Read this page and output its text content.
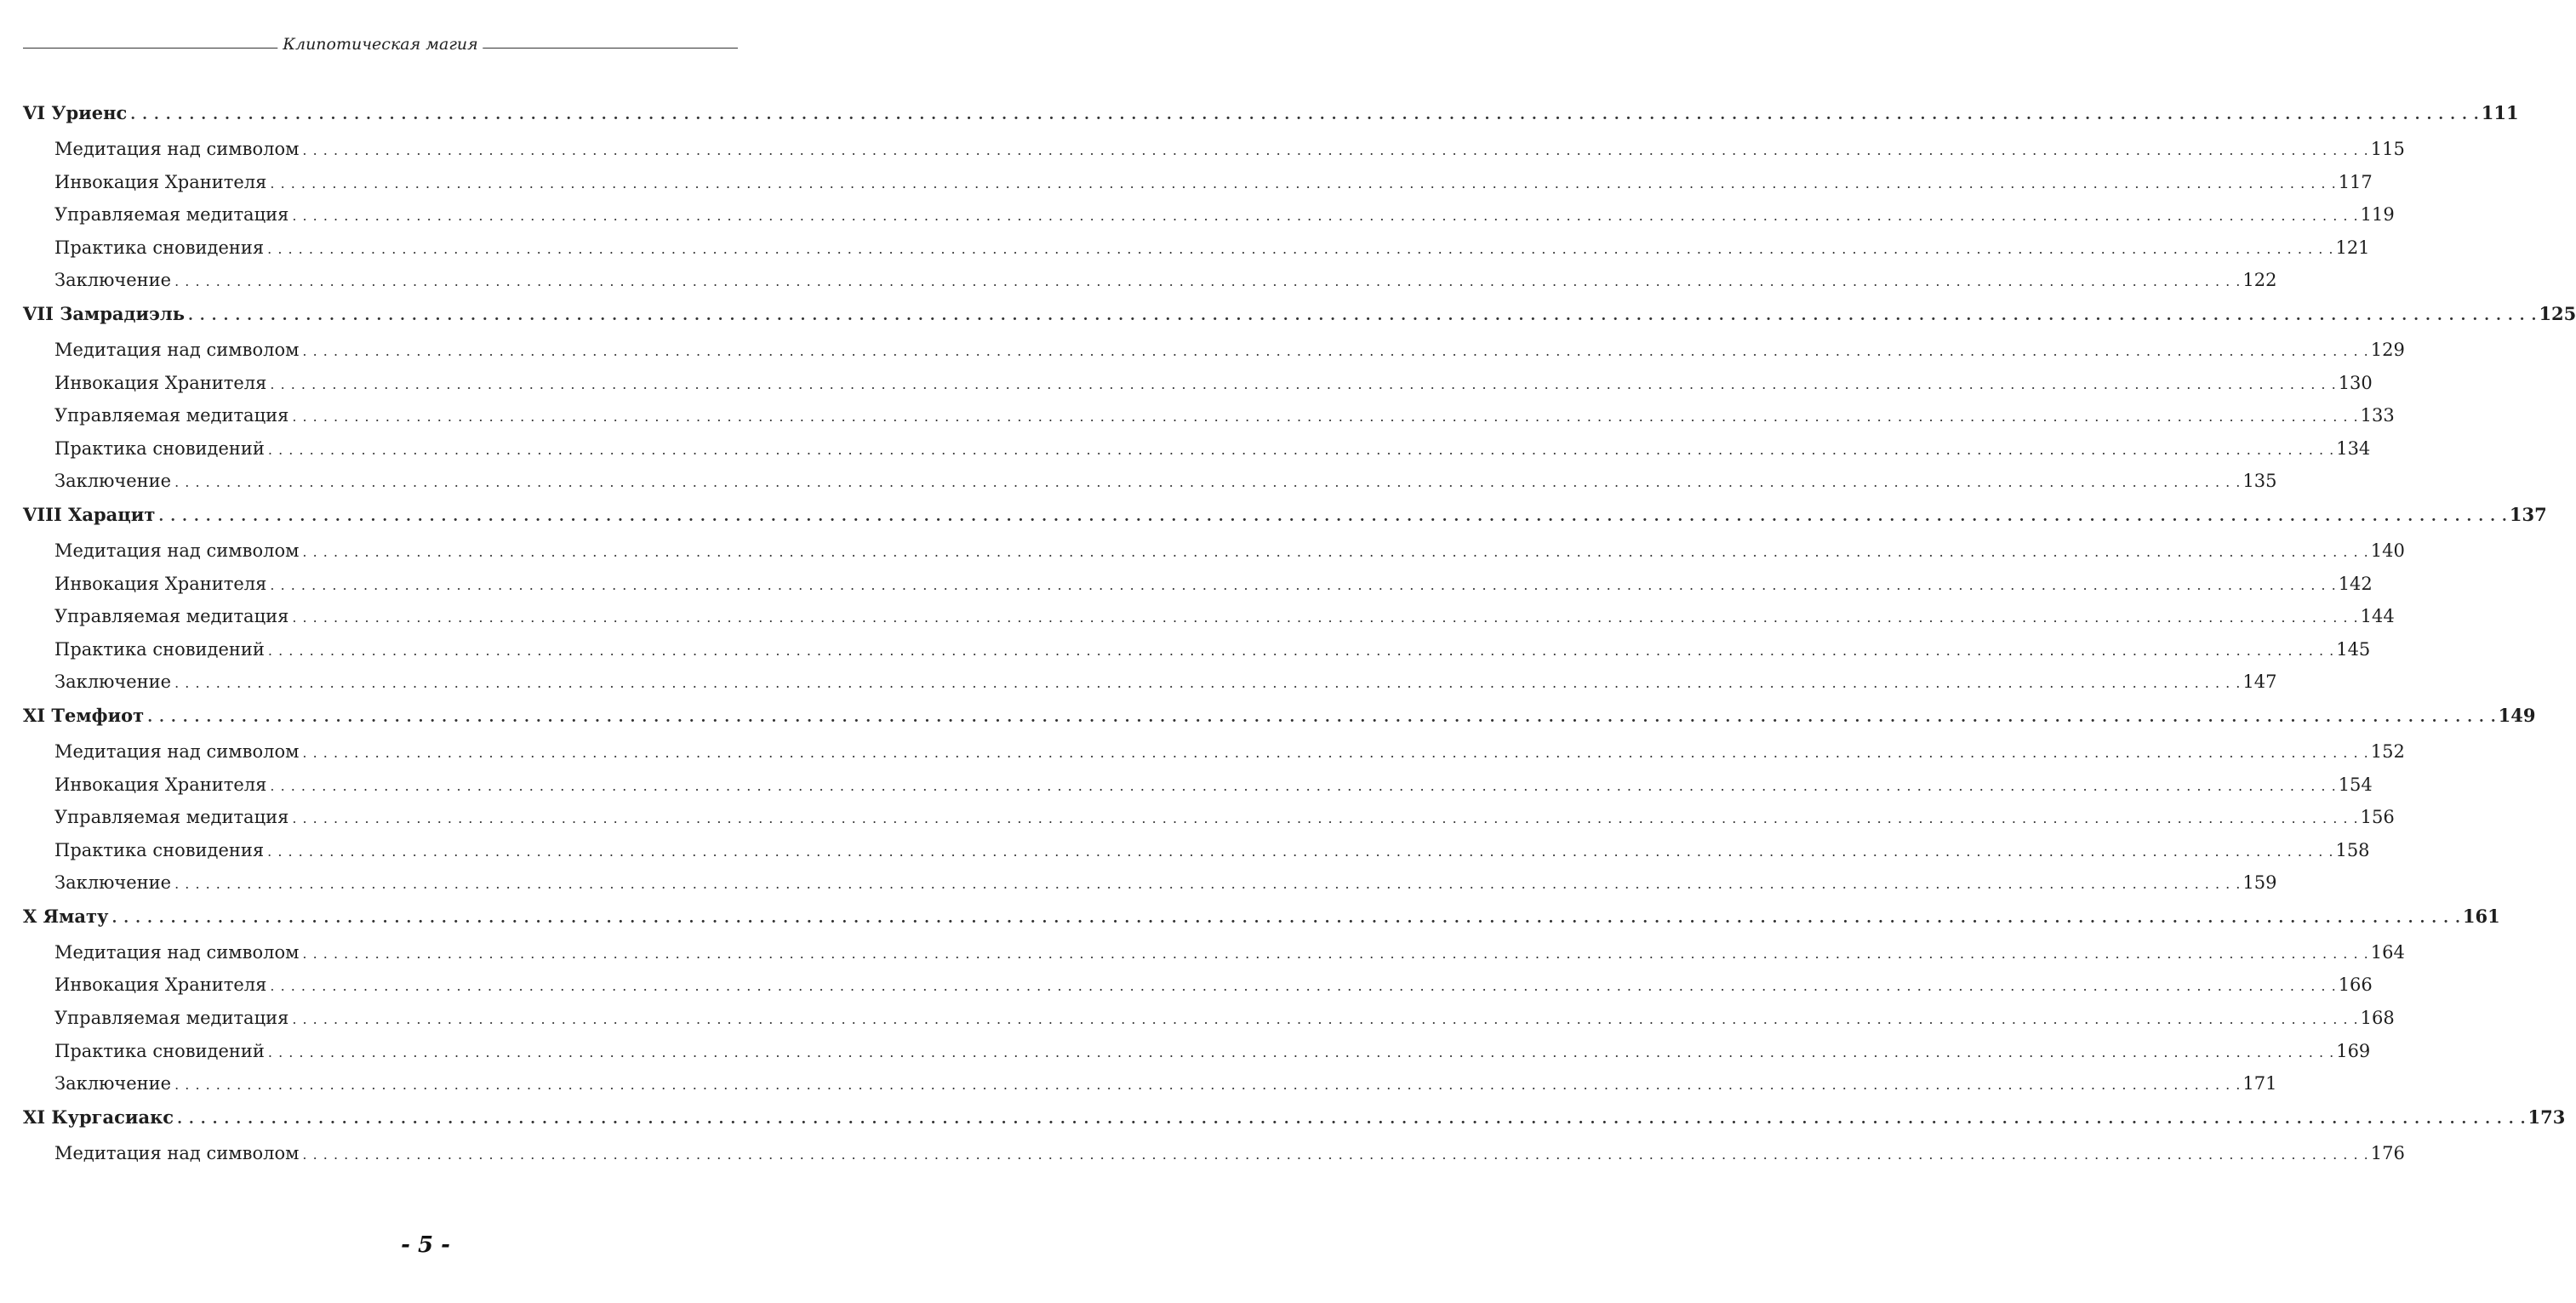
Клипотическая магия
VI Уриенс . . . . . . . . . . . . . . . . . . . . . . . . . . . . . . . . . . . . . . . . . . . . . . . . . . . . . . . . . . . . . . . . . . . . . . . . . . . . . . . . . . . . . . . . . . . . . . . . . . . . . . . . . . . . . . . . . . . . . . . . . . . . . . . . . . . . . . . . . . . . . . . . . . . . . . . . . . . . . . . . . . . . . . . . . . . . . . . . . . . . . . . . . . . . . . . . . . . . . . . . 111
Медитация над символом . . . . . . . . . . . . . . . . . . . . . . . . . . . . . . . . . . . . . . . . . . . . . . . . . . . . . . . . . . . . . . . . . . . . . . . . . . . . . . . . . . . . . . . . . . . . . . . . . . . . . . . . . . . . . . . . . . . . . . . . . . . . . . . . . . . . . . . . . . . . . . . . . . . . . . . . . . . . . . . . . . . . . . . . . . . . . . . . . . . . . . . . . . . . . . . . . . . . . . . . 115
Инвокация Хранителя . . . . . . . . . . . . . . . . . . . . . . . . . . . . . . . . . . . . . . . . . . . . . . . . . . . . . . . . . . . . . . . . . . . . . . . . . . . . . . . . . . . . . . . . . . . . . . . . . . . . . . . . . . . . . . . . . . . . . . . . . . . . . . . . . . . . . . . . . . . . . . . . . . . . . . . . . . . . . . . . . . . . . . . . . . . . . . . . . . . . . . . . . . . . . . . . . . . . . . . . 117
Управляемая медитация . . . . . . . . . . . . . . . . . . . . . . . . . . . . . . . . . . . . . . . . . . . . . . . . . . . . . . . . . . . . . . . . . . . . . . . . . . . . . . . . . . . . . . . . . . . . . . . . . . . . . . . . . . . . . . . . . . . . . . . . . . . . . . . . . . . . . . . . . . . . . . . . . . . . . . . . . . . . . . . . . . . . . . . . . . . . . . . . . . . . . . . . . . . . . . . . . . . . . . . . 119
Практика сновидения . . . . . . . . . . . . . . . . . . . . . . . . . . . . . . . . . . . . . . . . . . . . . . . . . . . . . . . . . . . . . . . . . . . . . . . . . . . . . . . . . . . . . . . . . . . . . . . . . . . . . . . . . . . . . . . . . . . . . . . . . . . . . . . . . . . . . . . . . . . . . . . . . . . . . . . . . . . . . . . . . . . . . . . . . . . . . . . . . . . . . . . . . . . . . . . . . . . . . . . . 121
Заключение . . . . . . . . . . . . . . . . . . . . . . . . . . . . . . . . . . . . . . . . . . . . . . . . . . . . . . . . . . . . . . . . . . . . . . . . . . . . . . . . . . . . . . . . . . . . . . . . . . . . . . . . . . . . . . . . . . . . . . . . . . . . . . . . . . . . . . . . . . . . . . . . . . . . . . . . . . . . . . . . . . . . . . . . . . . . . . . . . . . . . . . . . . . . . . . . . . . . . . . . 122
VII Замрадиэль . . . . . . . . . . . . . . . . . . . . . . . . . . . . . . . . . . . . . . . . . . . . . . . . . . . . . . . . . . . . . . . . . . . . . . . . . . . . . . . . . . . . . . . . . . . . . . . . . . . . . . . . . . . . . . . . . . . . . . . . . . . . . . . . . . . . . . . . . . . . . . . . . . . . . . . . . . . . . . . . . . . . . . . . . . . . . . . . . . . . . . . . . . . . . . . . . . . . . . . . 125
Медитация над символом . . . . . . . . . . . . . . . . . . . . . . . . . . . . . . . . . . . . . . . . . . . . . . . . . . . . . . . . . . . . . . . . . . . . . . . . . . . . . . . . . . . . . . . . . . . . . . . . . . . . . . . . . . . . . . . . . . . . . . . . . . . . . . . . . . . . . . . . . . . . . . . . . . . . . . . . . . . . . . . . . . . . . . . . . . . . . . . . . . . . . . . . . . . . . . . . . . . . . . . . 129
Инвокация Хранителя . . . . . . . . . . . . . . . . . . . . . . . . . . . . . . . . . . . . . . . . . . . . . . . . . . . . . . . . . . . . . . . . . . . . . . . . . . . . . . . . . . . . . . . . . . . . . . . . . . . . . . . . . . . . . . . . . . . . . . . . . . . . . . . . . . . . . . . . . . . . . . . . . . . . . . . . . . . . . . . . . . . . . . . . . . . . . . . . . . . . . . . . . . . . . . . . . . . . . . . . 130
Управляемая медитация . . . . . . . . . . . . . . . . . . . . . . . . . . . . . . . . . . . . . . . . . . . . . . . . . . . . . . . . . . . . . . . . . . . . . . . . . . . . . . . . . . . . . . . . . . . . . . . . . . . . . . . . . . . . . . . . . . . . . . . . . . . . . . . . . . . . . . . . . . . . . . . . . . . . . . . . . . . . . . . . . . . . . . . . . . . . . . . . . . . . . . . . . . . . . . . . . . . . . . . . 133
Практика сновидений . . . . . . . . . . . . . . . . . . . . . . . . . . . . . . . . . . . . . . . . . . . . . . . . . . . . . . . . . . . . . . . . . . . . . . . . . . . . . . . . . . . . . . . . . . . . . . . . . . . . . . . . . . . . . . . . . . . . . . . . . . . . . . . . . . . . . . . . . . . . . . . . . . . . . . . . . . . . . . . . . . . . . . . . . . . . . . . . . . . . . . . . . . . . . . . . . . . . . . . . 134
Заключение . . . . . . . . . . . . . . . . . . . . . . . . . . . . . . . . . . . . . . . . . . . . . . . . . . . . . . . . . . . . . . . . . . . . . . . . . . . . . . . . . . . . . . . . . . . . . . . . . . . . . . . . . . . . . . . . . . . . . . . . . . . . . . . . . . . . . . . . . . . . . . . . . . . . . . . . . . . . . . . . . . . . . . . . . . . . . . . . . . . . . . . . . . . . . . . . . . . . . . . . 135
VIII Харацит . . . . . . . . . . . . . . . . . . . . . . . . . . . . . . . . . . . . . . . . . . . . . . . . . . . . . . . . . . . . . . . . . . . . . . . . . . . . . . . . . . . . . . . . . . . . . . . . . . . . . . . . . . . . . . . . . . . . . . . . . . . . . . . . . . . . . . . . . . . . . . . . . . . . . . . . . . . . . . . . . . . . . . . . . . . . . . . . . . . . . . . . . . . . . . . . . . . . . . . . 137
Медитация над символом . . . . . . . . . . . . . . . . . . . . . . . . . . . . . . . . . . . . . . . . . . . . . . . . . . . . . . . . . . . . . . . . . . . . . . . . . . . . . . . . . . . . . . . . . . . . . . . . . . . . . . . . . . . . . . . . . . . . . . . . . . . . . . . . . . . . . . . . . . . . . . . . . . . . . . . . . . . . . . . . . . . . . . . . . . . . . . . . . . . . . . . . . . . . . . . . . . . . . . . . 140
Инвокация Хранителя . . . . . . . . . . . . . . . . . . . . . . . . . . . . . . . . . . . . . . . . . . . . . . . . . . . . . . . . . . . . . . . . . . . . . . . . . . . . . . . . . . . . . . . . . . . . . . . . . . . . . . . . . . . . . . . . . . . . . . . . . . . . . . . . . . . . . . . . . . . . . . . . . . . . . . . . . . . . . . . . . . . . . . . . . . . . . . . . . . . . . . . . . . . . . . . . . . . . . . . . 142
Управляемая медитация . . . . . . . . . . . . . . . . . . . . . . . . . . . . . . . . . . . . . . . . . . . . . . . . . . . . . . . . . . . . . . . . . . . . . . . . . . . . . . . . . . . . . . . . . . . . . . . . . . . . . . . . . . . . . . . . . . . . . . . . . . . . . . . . . . . . . . . . . . . . . . . . . . . . . . . . . . . . . . . . . . . . . . . . . . . . . . . . . . . . . . . . . . . . . . . . . . . . . . . . 144
Практика сновидений . . . . . . . . . . . . . . . . . . . . . . . . . . . . . . . . . . . . . . . . . . . . . . . . . . . . . . . . . . . . . . . . . . . . . . . . . . . . . . . . . . . . . . . . . . . . . . . . . . . . . . . . . . . . . . . . . . . . . . . . . . . . . . . . . . . . . . . . . . . . . . . . . . . . . . . . . . . . . . . . . . . . . . . . . . . . . . . . . . . . . . . . . . . . . . . . . . . . . . . . 145
Заключение . . . . . . . . . . . . . . . . . . . . . . . . . . . . . . . . . . . . . . . . . . . . . . . . . . . . . . . . . . . . . . . . . . . . . . . . . . . . . . . . . . . . . . . . . . . . . . . . . . . . . . . . . . . . . . . . . . . . . . . . . . . . . . . . . . . . . . . . . . . . . . . . . . . . . . . . . . . . . . . . . . . . . . . . . . . . . . . . . . . . . . . . . . . . . . . . . . . . . . . . 147
XI Темфиот . . . . . . . . . . . . . . . . . . . . . . . . . . . . . . . . . . . . . . . . . . . . . . . . . . . . . . . . . . . . . . . . . . . . . . . . . . . . . . . . . . . . . . . . . . . . . . . . . . . . . . . . . . . . . . . . . . . . . . . . . . . . . . . . . . . . . . . . . . . . . . . . . . . . . . . . . . . . . . . . . . . . . . . . . . . . . . . . . . . . . . . . . . . . . . . . . . . . . . . . 149
Медитация над символом . . . . . . . . . . . . . . . . . . . . . . . . . . . . . . . . . . . . . . . . . . . . . . . . . . . . . . . . . . . . . . . . . . . . . . . . . . . . . . . . . . . . . . . . . . . . . . . . . . . . . . . . . . . . . . . . . . . . . . . . . . . . . . . . . . . . . . . . . . . . . . . . . . . . . . . . . . . . . . . . . . . . . . . . . . . . . . . . . . . . . . . . . . . . . . . . . . . . . . . . 152
Инвокация Хранителя . . . . . . . . . . . . . . . . . . . . . . . . . . . . . . . . . . . . . . . . . . . . . . . . . . . . . . . . . . . . . . . . . . . . . . . . . . . . . . . . . . . . . . . . . . . . . . . . . . . . . . . . . . . . . . . . . . . . . . . . . . . . . . . . . . . . . . . . . . . . . . . . . . . . . . . . . . . . . . . . . . . . . . . . . . . . . . . . . . . . . . . . . . . . . . . . . . . . . . . . 154
Управляемая медитация . . . . . . . . . . . . . . . . . . . . . . . . . . . . . . . . . . . . . . . . . . . . . . . . . . . . . . . . . . . . . . . . . . . . . . . . . . . . . . . . . . . . . . . . . . . . . . . . . . . . . . . . . . . . . . . . . . . . . . . . . . . . . . . . . . . . . . . . . . . . . . . . . . . . . . . . . . . . . . . . . . . . . . . . . . . . . . . . . . . . . . . . . . . . . . . . . . . . . . . . 156
Практика сновидения . . . . . . . . . . . . . . . . . . . . . . . . . . . . . . . . . . . . . . . . . . . . . . . . . . . . . . . . . . . . . . . . . . . . . . . . . . . . . . . . . . . . . . . . . . . . . . . . . . . . . . . . . . . . . . . . . . . . . . . . . . . . . . . . . . . . . . . . . . . . . . . . . . . . . . . . . . . . . . . . . . . . . . . . . . . . . . . . . . . . . . . . . . . . . . . . . . . . . . . . 158
Заключение . . . . . . . . . . . . . . . . . . . . . . . . . . . . . . . . . . . . . . . . . . . . . . . . . . . . . . . . . . . . . . . . . . . . . . . . . . . . . . . . . . . . . . . . . . . . . . . . . . . . . . . . . . . . . . . . . . . . . . . . . . . . . . . . . . . . . . . . . . . . . . . . . . . . . . . . . . . . . . . . . . . . . . . . . . . . . . . . . . . . . . . . . . . . . . . . . . . . . . . . 159
X Ямату . . . . . . . . . . . . . . . . . . . . . . . . . . . . . . . . . . . . . . . . . . . . . . . . . . . . . . . . . . . . . . . . . . . . . . . . . . . . . . . . . . . . . . . . . . . . . . . . . . . . . . . . . . . . . . . . . . . . . . . . . . . . . . . . . . . . . . . . . . . . . . . . . . . . . . . . . . . . . . . . . . . . . . . . . . . . . . . . . . . . . . . . . . . . . . . . . . . . . . . . 161
Медитация над символом . . . . . . . . . . . . . . . . . . . . . . . . . . . . . . . . . . . . . . . . . . . . . . . . . . . . . . . . . . . . . . . . . . . . . . . . . . . . . . . . . . . . . . . . . . . . . . . . . . . . . . . . . . . . . . . . . . . . . . . . . . . . . . . . . . . . . . . . . . . . . . . . . . . . . . . . . . . . . . . . . . . . . . . . . . . . . . . . . . . . . . . . . . . . . . . . . . . . . . . . 164
Инвокация Хранителя . . . . . . . . . . . . . . . . . . . . . . . . . . . . . . . . . . . . . . . . . . . . . . . . . . . . . . . . . . . . . . . . . . . . . . . . . . . . . . . . . . . . . . . . . . . . . . . . . . . . . . . . . . . . . . . . . . . . . . . . . . . . . . . . . . . . . . . . . . . . . . . . . . . . . . . . . . . . . . . . . . . . . . . . . . . . . . . . . . . . . . . . . . . . . . . . . . . . . . . . 166
Управляемая медитация . . . . . . . . . . . . . . . . . . . . . . . . . . . . . . . . . . . . . . . . . . . . . . . . . . . . . . . . . . . . . . . . . . . . . . . . . . . . . . . . . . . . . . . . . . . . . . . . . . . . . . . . . . . . . . . . . . . . . . . . . . . . . . . . . . . . . . . . . . . . . . . . . . . . . . . . . . . . . . . . . . . . . . . . . . . . . . . . . . . . . . . . . . . . . . . . . . . . . . . . 168
Практика сновидений . . . . . . . . . . . . . . . . . . . . . . . . . . . . . . . . . . . . . . . . . . . . . . . . . . . . . . . . . . . . . . . . . . . . . . . . . . . . . . . . . . . . . . . . . . . . . . . . . . . . . . . . . . . . . . . . . . . . . . . . . . . . . . . . . . . . . . . . . . . . . . . . . . . . . . . . . . . . . . . . . . . . . . . . . . . . . . . . . . . . . . . . . . . . . . . . . . . . . . . . 169
Заключение . . . . . . . . . . . . . . . . . . . . . . . . . . . . . . . . . . . . . . . . . . . . . . . . . . . . . . . . . . . . . . . . . . . . . . . . . . . . . . . . . . . . . . . . . . . . . . . . . . . . . . . . . . . . . . . . . . . . . . . . . . . . . . . . . . . . . . . . . . . . . . . . . . . . . . . . . . . . . . . . . . . . . . . . . . . . . . . . . . . . . . . . . . . . . . . . . . . . . . . . 171
XI Кургасиакс . . . . . . . . . . . . . . . . . . . . . . . . . . . . . . . . . . . . . . . . . . . . . . . . . . . . . . . . . . . . . . . . . . . . . . . . . . . . . . . . . . . . . . . . . . . . . . . . . . . . . . . . . . . . . . . . . . . . . . . . . . . . . . . . . . . . . . . . . . . . . . . . . . . . . . . . . . . . . . . . . . . . . . . . . . . . . . . . . . . . . . . . . . . . . . . . . . . . . . . . 173
Медитация над символом . . . . . . . . . . . . . . . . . . . . . . . . . . . . . . . . . . . . . . . . . . . . . . . . . . . . . . . . . . . . . . . . . . . . . . . . . . . . . . . . . . . . . . . . . . . . . . . . . . . . . . . . . . . . . . . . . . . . . . . . . . . . . . . . . . . . . . . . . . . . . . . . . . . . . . . . . . . . . . . . . . . . . . . . . . . . . . . . . . . . . . . . . . . . . . . . . . . . . . . . 176
- 5 -
